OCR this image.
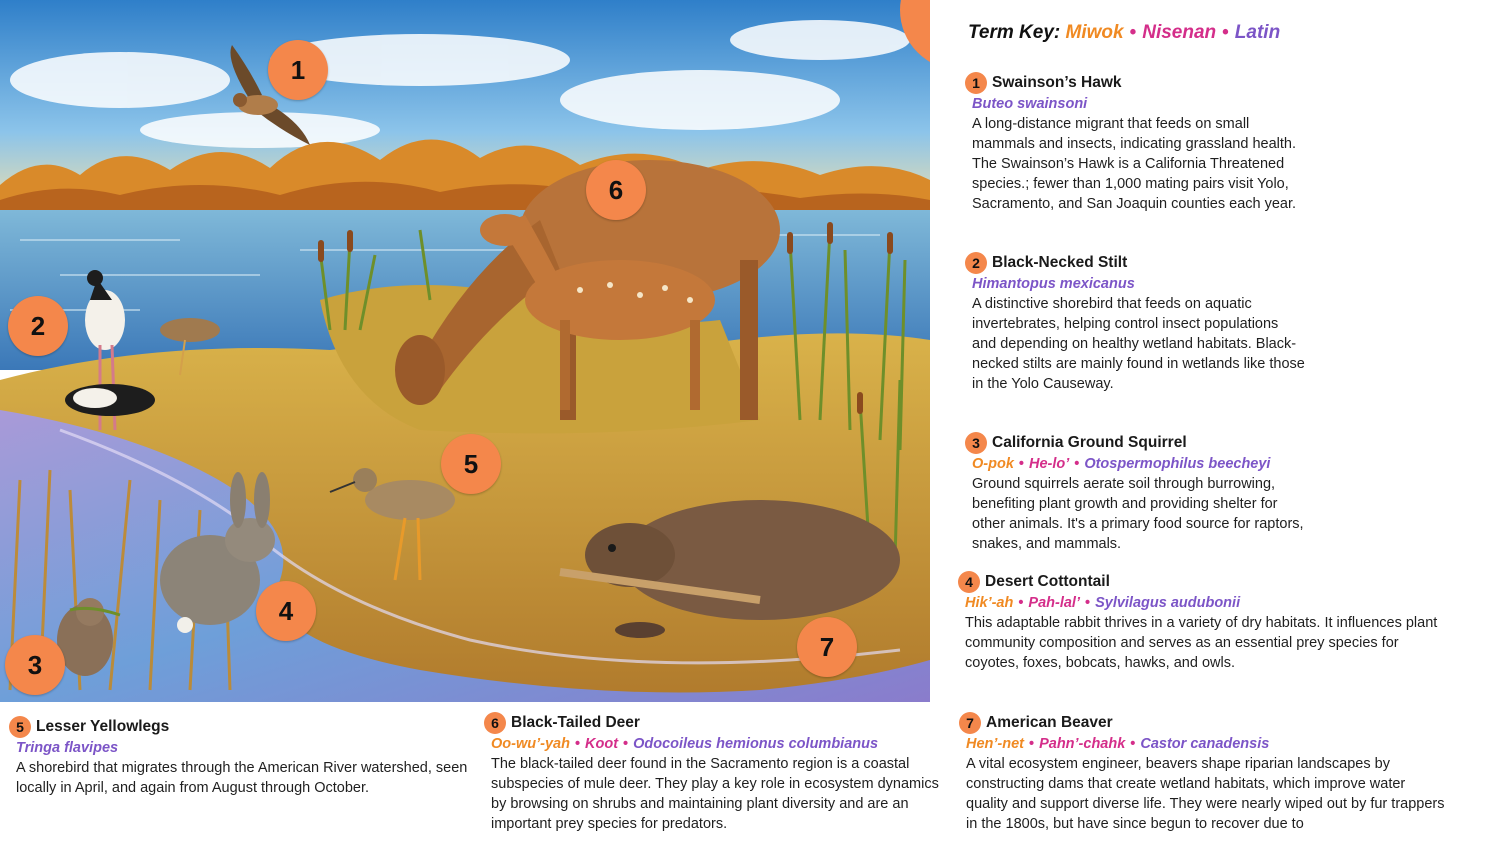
1
2
3
4
5
6
7
Term Key: Miwok • Nisenan • Latin
1 Swainson’s Hawk
Buteo swainsoni
A long-distance migrant that feeds on small mammals and insects, indicating grassland health. The Swainson’s Hawk is a California Threatened species.; fewer than 1,000 mating pairs visit Yolo, Sacramento, and San Joaquin counties each year.
2 Black-Necked Stilt
Himantopus mexicanus
A distinctive shorebird that feeds on aquatic invertebrates, helping control insect populations and depending on healthy wetland habitats. Black-necked stilts are mainly found in wetlands like those in the Yolo Causeway.
3 California Ground Squirrel
O-pok • He-lo’ • Otospermophilus beecheyi
Ground squirrels aerate soil through burrowing, benefiting plant growth and providing shelter for other animals. It's a primary food source for raptors, snakes, and mammals.
4 Desert Cottontail
Hik’-ah • Pah-lal’ • Sylvilagus audubonii
This adaptable rabbit thrives in a variety of dry habitats. It influences plant community composition and serves as an essential prey species for coyotes, foxes, bobcats, hawks, and owls.
5 Lesser Yellowlegs
Tringa flavipes
A shorebird that migrates through the American River watershed, seen locally in April, and again from August through October.
6 Black-Tailed Deer
Oo-wu’-yah • Koot • Odocoileus hemionus columbianus
The black-tailed deer found in the Sacramento region is a coastal subspecies of mule deer. They play a key role in ecosystem dynamics by browsing on shrubs and maintaining plant diversity and are an important prey species for predators.
7 American Beaver
Hen’-net • Pahn’-chahk • Castor canadensis
A vital ecosystem engineer, beavers shape riparian landscapes by constructing dams that create wetland habitats, which improve water quality and support diverse life. They were nearly wiped out by fur trappers in the 1800s, but have since begun to recover due to
